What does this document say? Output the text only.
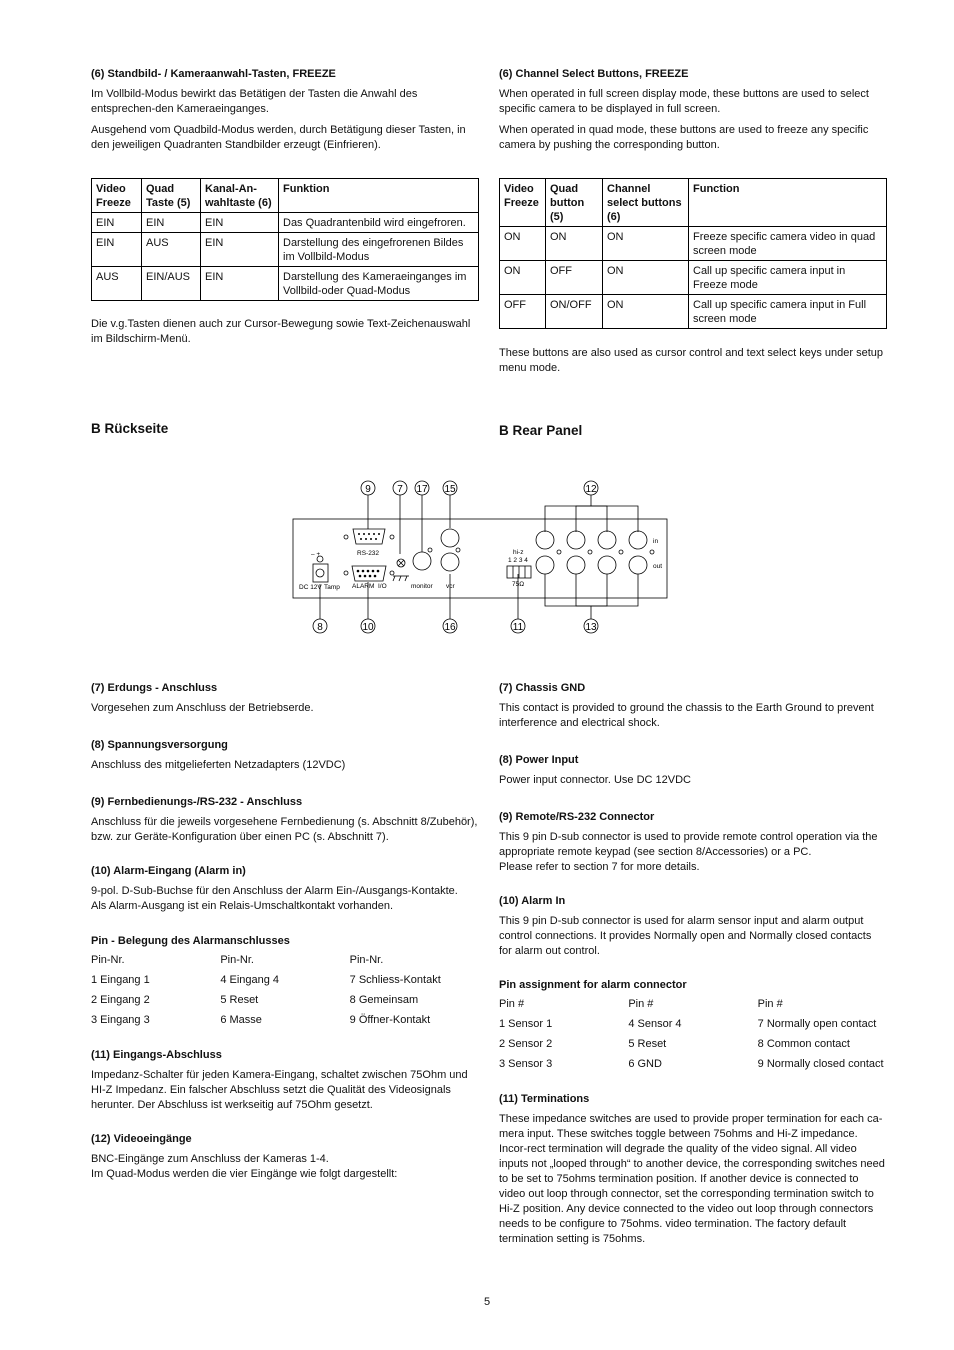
(6) Standbild- / Kameraanwahl-Tasten, FREEZE

Im Vollbild-Modus bewirkt das Betätigen der Tasten die Anwahl des entsprechen-den Kameraeinganges.

Ausgehend vom Quadbild-Modus werden, durch Betätigung dieser Tasten, in den jeweiligen Quadranten Standbilder erzeugt (Einfrieren).

Video Freeze	Quad Taste (5)	Kanal-An-wahltaste (6)	Funktion
EIN	EIN	EIN	Das Quadrantenbild wird eingefroren.
EIN	AUS	EIN	Darstellung des eingefrorenen Bildes im Vollbild-Modus
AUS	EIN/AUS	EIN	Darstellung des Kameraeinganges im Vollbild-oder Quad-Modus

Die v.g.Tasten dienen auch zur Cursor-Bewegung sowie Text-Zeichenauswahl im Bildschirm-Menü.

(6) Channel Select Buttons, FREEZE

When operated in full screen display mode, these buttons are used to select specific camera to be displayed in full screen.

When operated in quad mode, these buttons are used to freeze any specific camera by pushing the corresponding button.

Video Freeze	Quad button (5)	Channel select buttons (6)	Function
ON	ON	ON	Freeze specific camera video in quad screen mode
ON	OFF	ON	Call up specific camera input in Freeze mode
OFF	ON/OFF	ON	Call up specific camera input in Full screen mode

These buttons are also used as cursor control and text select keys under setup menu mode.

B Rückseite	B Rear Panel
9	7 17 15	12
8	10	16	11	13
RS-232
– +
DC 12V Tamp ALARM I/O	monitor vcr
hi-z
1 2 3 4
75Ω
in
out
(7) Erdungs - Anschluss

Vorgesehen zum Anschluss der Betriebserde.

(8) Spannungsversorgung

Anschluss des mitgelieferten Netzadapters (12VDC)

(9) Fernbedienungs-/RS-232 - Anschluss

Anschluss für die jeweils vorgesehene Fernbedienung (s. Abschnitt 8/Zubehör), bzw. zur Geräte-Konfiguration über einen PC (s. Abschnitt 7).

(10) Alarm-Eingang (Alarm in)

9-pol. D-Sub-Buchse für den Anschluss der Alarm Ein-/Ausgangs-Kontakte.

Als Alarm-Ausgang ist ein Relais-Umschaltkontakt vorhanden.

Pin - Belegung des Alarmanschlusses
Pin-Nr.	Pin-Nr.	Pin-Nr.
1 Eingang 1	4 Eingang 4	7 Schliess-Kontakt
2 Eingang 2	5 Reset	8 Gemeinsam
3 Eingang 3	6 Masse	9 Öffner-Kontakt
(11) Eingangs-Abschluss

Impedanz-Schalter für jeden Kamera-Eingang, schaltet zwischen 75Ohm und HI-Z Impedanz. Ein falscher Abschluss setzt die Qualität des Videosignals herunter. Der Abschluss ist werkseitig auf 75Ohm gesetzt.

(12) Videoeingänge

BNC-Eingänge zum Anschluss der Kameras 1-4.

Im Quad-Modus werden die vier Eingänge wie folgt dargestellt:

(7) Chassis GND

This contact is provided to ground the chassis to the Earth Ground to prevent interference and electrical shock.

(8) Power Input

Power input connector. Use DC 12VDC

(9) Remote/RS-232 Connector

This 9 pin D-sub connector is used to provide remote control operation via the appropriate remote keypad (see section 8/Accessories) or a PC.

Please refer to section 7 for more details.

(10) Alarm In

This 9 pin D-sub connector is used for alarm sensor input and alarm output control connections. It provides Normally open and Normally closed contacts for alarm out control.

Pin assignment for alarm connector
Pin #	Pin #	Pin #
1 Sensor 1	4 Sensor 4	7 Normally open contact
2 Sensor 2	5 Reset	8 Common contact
3 Sensor 3	6 GND	9 Normally closed contact
(11) Terminations

These impedance switches are used to provide proper termination for each ca-mera input. These switches toggle between 75ohms and Hi-Z impedance. Incor-rect termination will degrade the quality of the video signal. All video inputs not „looped through“ to another device, the corresponding switches need to be set to 75ohms termination position. If another device is connected to video out loop through connector, set the corresponding termination switch to Hi-Z position. Any device connected to the video out loop through connectors needs to be configure to 75ohms. video termination. The factory default termination setting is 75ohms.

5
